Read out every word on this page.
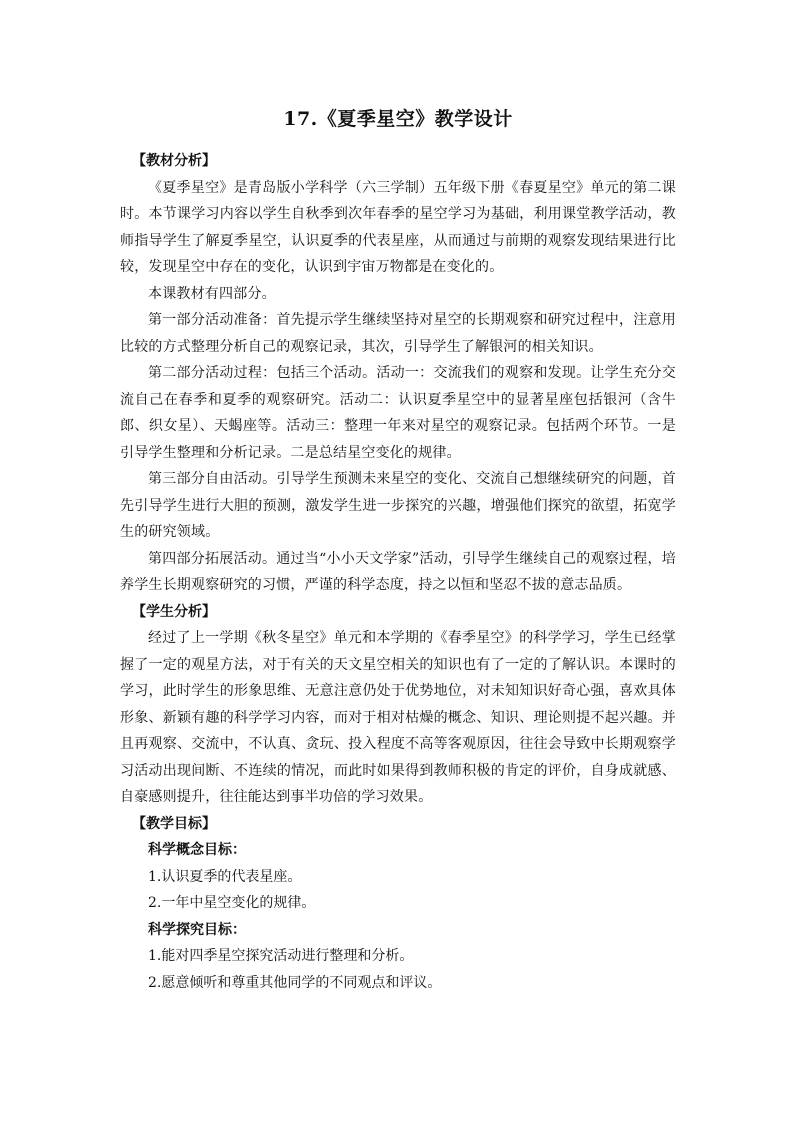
17.《夏季星空》教学设计

【教材分析】

《夏季星空》是青岛版小学科学（六三学制）五年级下册《春夏星空》单元的第二课时。本节课学习内容以学生自秋季到次年春季的星空学习为基础，利用课堂教学活动，教师指导学生了解夏季星空，认识夏季的代表星座，从而通过与前期的观察发现结果进行比较，发现星空中存在的变化，认识到宇宙万物都是在变化的。

本课教材有四部分。

第一部分活动准备：首先提示学生继续坚持对星空的长期观察和研究过程中，注意用比较的方式整理分析自己的观察记录，其次，引导学生了解银河的相关知识。

第二部分活动过程：包括三个活动。活动一：交流我们的观察和发现。让学生充分交流自己在春季和夏季的观察研究。活动二：认识夏季星空中的显著星座包括银河（含牛郎、织女星）、天蝎座等。活动三：整理一年来对星空的观察记录。包括两个环节。一是引导学生整理和分析记录。二是总结星空变化的规律。

第三部分自由活动。引导学生预测未来星空的变化、交流自己想继续研究的问题，首先引导学生进行大胆的预测，激发学生进一步探究的兴趣，增强他们探究的欲望，拓宽学生的研究领域。

第四部分拓展活动。通过当“小小天文学家”活动，引导学生继续自己的观察过程，培养学生长期观察研究的习惯，严谨的科学态度，持之以恒和坚忍不拔的意志品质。

【学生分析】

经过了上一学期《秋冬星空》单元和本学期的《春季星空》的科学学习，学生已经掌握了一定的观星方法，对于有关的天文星空相关的知识也有了一定的了解认识。本课时的学习，此时学生的形象思维、无意注意仍处于优势地位，对未知知识好奇心强，喜欢具体形象、新颖有趣的科学学习内容，而对于相对枯燥的概念、知识、理论则提不起兴趣。并且再观察、交流中，不认真、贪玩、投入程度不高等客观原因，往往会导致中长期观察学习活动出现间断、不连续的情况，而此时如果得到教师积极的肯定的评价，自身成就感、自豪感则提升，往往能达到事半功倍的学习效果。

【教学目标】

科学概念目标：

1.认识夏季的代表星座。

2.一年中星空变化的规律。

科学探究目标：

1.能对四季星空探究活动进行整理和分析。

2.愿意倾听和尊重其他同学的不同观点和评议。
